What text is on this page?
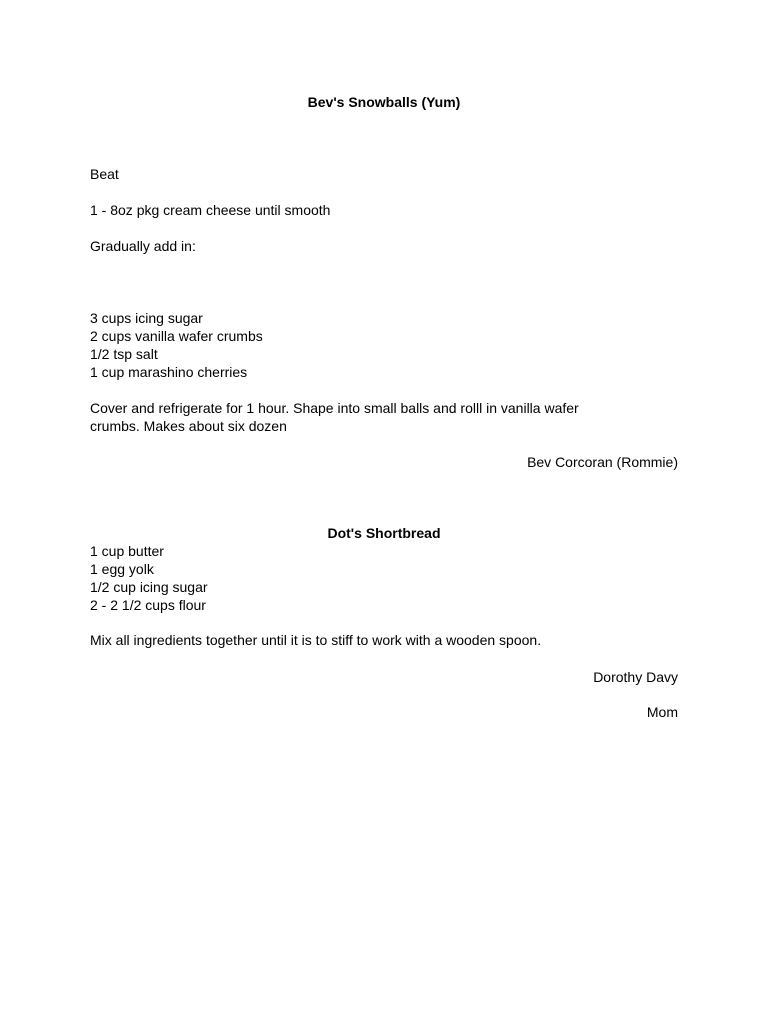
Bev's Snowballs (Yum)
Beat
1 - 8oz pkg cream cheese until smooth
Gradually add in:
3 cups icing sugar
2 cups vanilla wafer crumbs
1/2 tsp salt
1 cup marashino cherries
Cover and refrigerate for 1 hour. Shape into small balls and rolll in vanilla wafer
crumbs. Makes about six dozen
Bev Corcoran (Rommie)
Dot's Shortbread
1 cup butter
1 egg yolk
1/2 cup icing sugar
2 - 2 1/2 cups flour
Mix all ingredients together until it is to stiff to work with a wooden spoon.
Dorothy Davy
Mom
